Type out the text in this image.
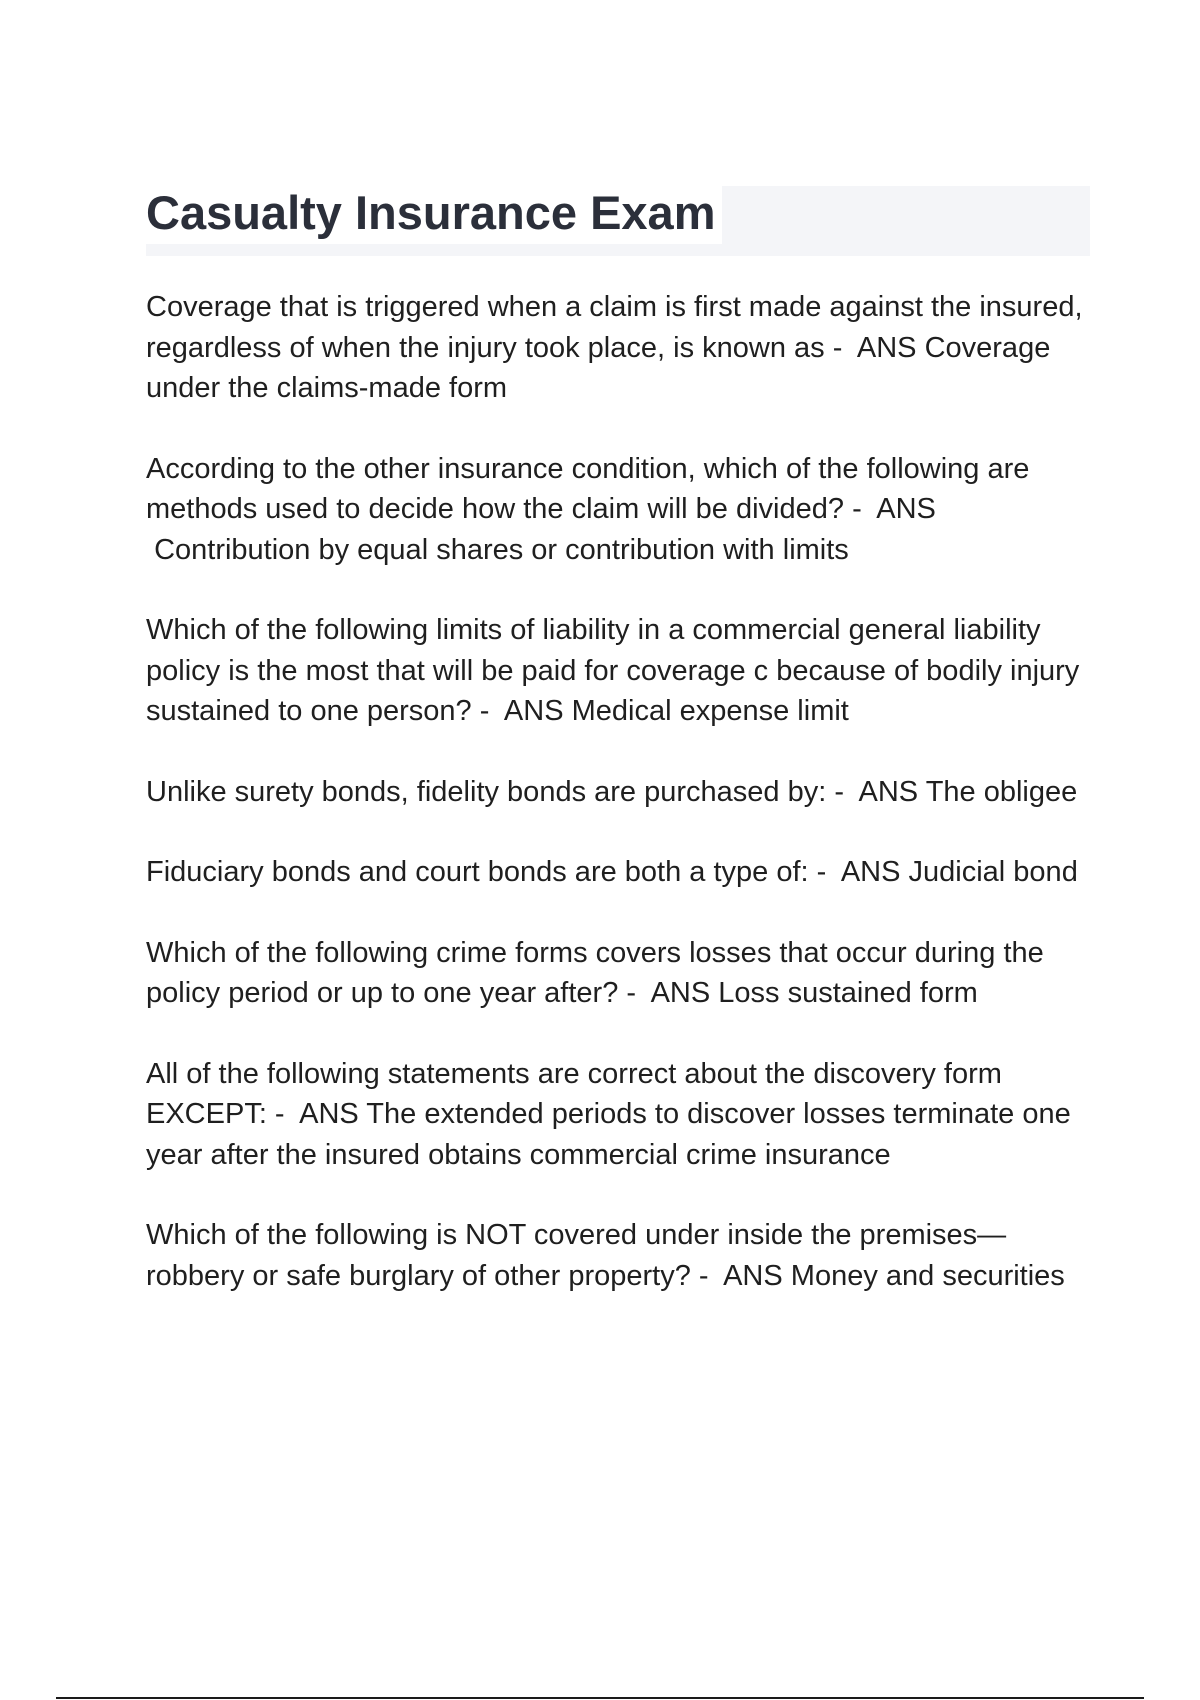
Casualty Insurance Exam

Coverage that is triggered when a claim is first made against the insured, regardless of when the injury took place, is known as -  ANS Coverage under the claims-made form

According to the other insurance condition, which of the following are methods used to decide how the claim will be divided? -  ANS Contribution by equal shares or contribution with limits

Which of the following limits of liability in a commercial general liability policy is the most that will be paid for coverage c because of bodily injury sustained to one person? -  ANS Medical expense limit

Unlike surety bonds, fidelity bonds are purchased by: -  ANS The obligee

Fiduciary bonds and court bonds are both a type of: -  ANS Judicial bond

Which of the following crime forms covers losses that occur during the policy period or up to one year after? -  ANS Loss sustained form

All of the following statements are correct about the discovery form EXCEPT: -  ANS The extended periods to discover losses terminate one year after the insured obtains commercial crime insurance

Which of the following is NOT covered under inside the premises—robbery or safe burglary of other property? -  ANS Money and securities
